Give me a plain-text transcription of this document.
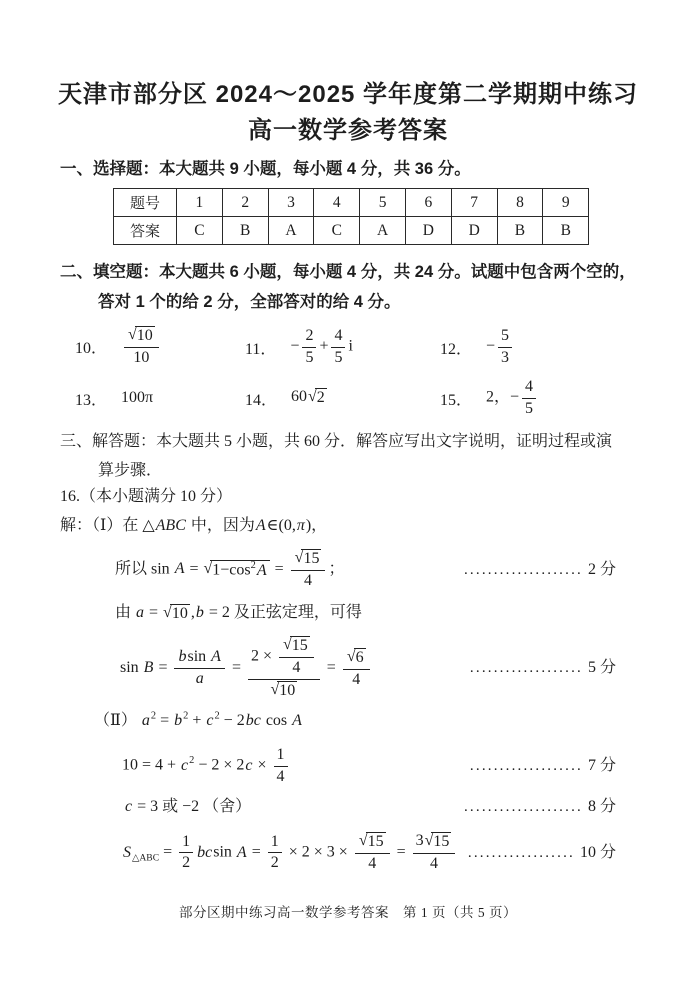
天津市部分区 2024～2025 学年度第二学期期中练习
高一数学参考答案
一、选择题：本大题共 9 小题，每小题 4 分，共 36 分。
题号	1	2	3	4	5	6	7	8	9
答案	C	B	A	C	A	D	D	B	B
二、填空题：本大题共 6 小题，每小题 4 分，共 24 分。试题中包含两个空的，
答对 1 个的给 2 分，全部答对的给 4 分。
10． $\frac{√ 10}{10}$	11． − $\frac{2}{5} + \frac{4}{5}$ i	12． − $\frac{5}{3}$
13． 100π	14． 60 √ 2	15． 2，− $\frac{4}{5}$
三、解答题：本大题共 5 小题，共 60 分．解答应写出文字说明，证明过程或演
算步骤．
16.（本小题满分 10 分）
解：（Ⅰ）在 △ABC 中，因为A∈(0,π)，
所以 sin A = √ $1-\cos^2A = \frac{√ 15}{4}$ ；	.................... 2 分
由 a = √ 10 ,b = 2 及正弦定理，可得
$\sin B = \frac{\text{bsin A}}{a} = \frac{2 \times \frac{√ 15}{4}}{√ 10} = \frac{√ 6}{4}$	................... 5 分
（Ⅱ） $a^2 = b^2 + c^2 - 2bc$ cos A
$10 = 4 + c^2 - 2 \times 2c \times \frac{1}{4}$	................... 7 分
c = 3 或 −2 （舍）	.................... 8 分
$S_{\triangle ABC} = \frac{1}{2}$ bcsin $A = \frac{1}{2} \times 2 \times 3 \times \frac{√ 15}{4} = \frac{3 √ 15}{4}$ .................. 10 分
部分区期中练习高一数学参考答案　第 1 页（共 5 页）
